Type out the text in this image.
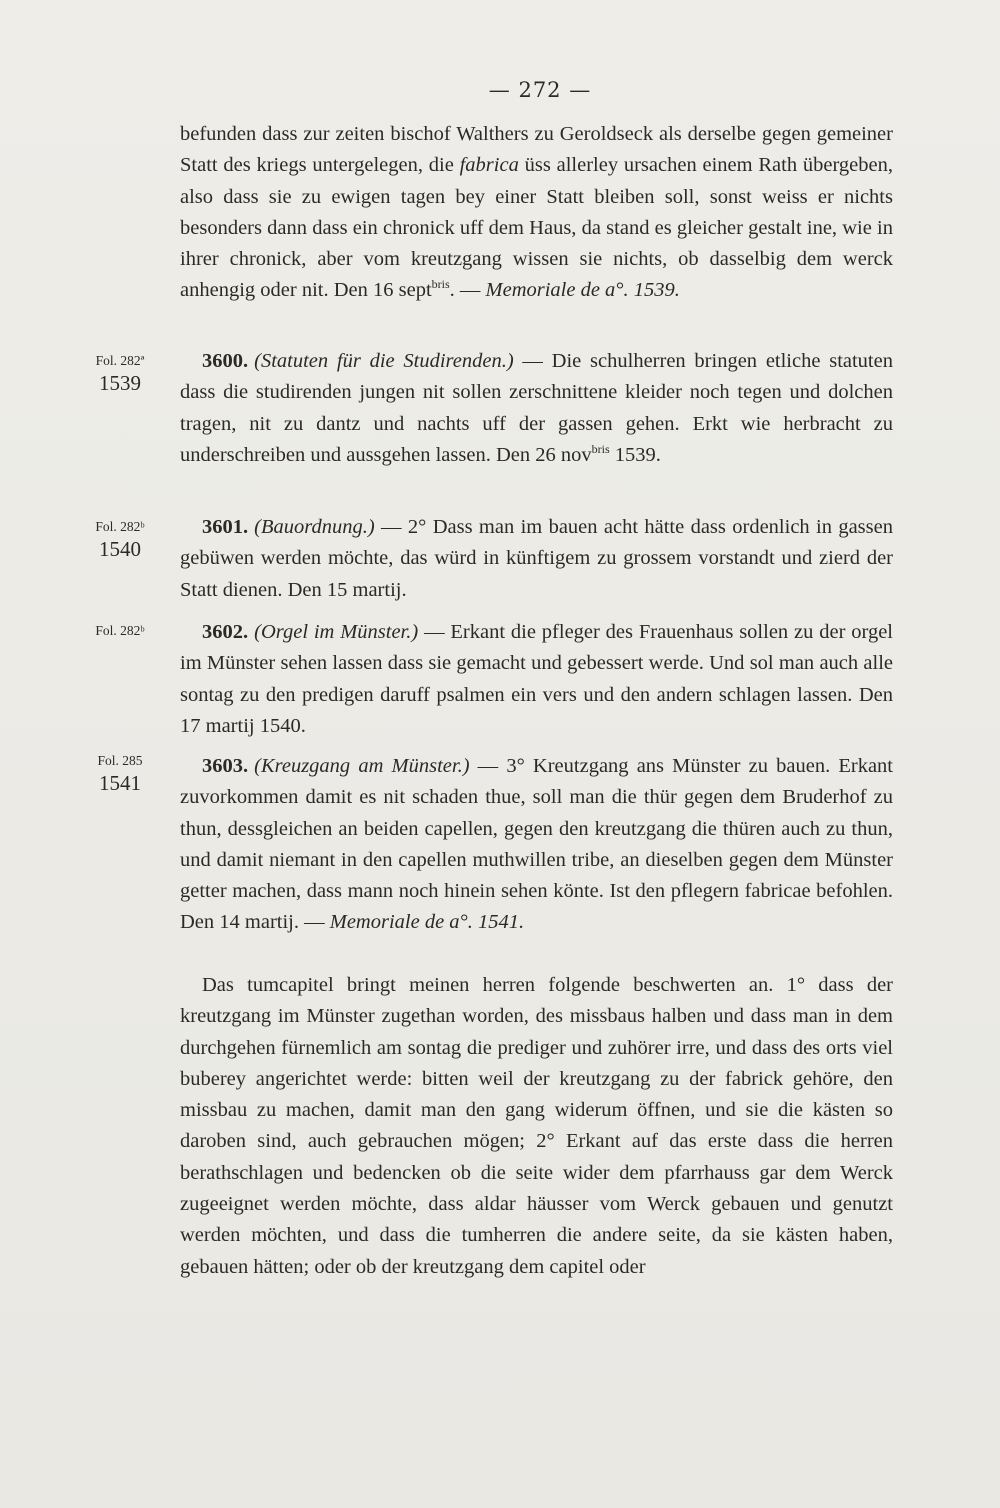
— 272 —

befunden dass zur zeiten bischof Walthers zu Geroldseck als derselbe gegen gemeiner Statt des kriegs untergelegen, die fabrica üss allerley ursachen einem Rath übergeben, also dass sie zu ewigen tagen bey einer Statt bleiben soll, sonst weiss er nichts besonders dann dass ein chronick uff dem Haus, da stand es gleicher gestalt ine, wie in ihrer chronick, aber vom kreutzgang wissen sie nichts, ob dasselbig dem werck anhengig oder nit. Den 16 sept$^{bris}$. — Memoriale de a°. 1539.

Fol. 282ª
1539

3600. (Statuten für die Studirenden.) — Die schulherren bringen etliche statuten dass die studirenden jungen nit sollen zerschnittene kleider noch tegen und dolchen tragen, nit zu dantz und nachts uff der gassen gehen. Erkt wie herbracht zu underschreiben und aussgehen lassen. Den 26 nov$^{bris}$ 1539.

Fol. 282ᵇ
1540

3601. (Bauordnung.) — 2° Dass man im bauen acht hätte dass ordenlich in gassen gebüwen werden möchte, das würd in künftigem zu grossem vorstandt und zierd der Statt dienen. Den 15 martij.

Fol. 282ᵇ	3602. (Orgel im Münster.) — Erkant die pfleger des Frauenhaus sollen zu der orgel im Münster sehen lassen dass sie gemacht und gebessert werde. Und sol man auch alle sontag zu den predigen daruff psalmen ein vers und den andern schlagen lassen. Den 17 martij 1540.

Fol. 285
1541

3603. (Kreuzgang am Münster.) — 3° Kreutzgang ans Münster zu bauen. Erkant zuvorkommen damit es nit schaden thue, soll man die thür gegen dem Bruderhof zu thun, dessgleichen an beiden capellen, gegen den kreutzgang die thüren auch zu thun, und damit niemant in den capellen muthwillen tribe, an dieselben gegen dem Münster getter machen, dass mann noch hinein sehen könte. Ist den pflegern fabricae befohlen. Den 14 martij. — Memoriale de a°. 1541.

Das tumcapitel bringt meinen herren folgende beschwerten an. 1° dass der kreutzgang im Münster zugethan worden, des missbaus halben und dass man in dem durchgehen fürnemlich am sontag die prediger und zuhörer irre, und dass des orts viel buberey angerichtet werde: bitten weil der kreutzgang zu der fabrick gehöre, den missbau zu machen, damit man den gang widerum öffnen, und sie die kästen so daroben sind, auch gebrauchen mögen; 2° Erkant auf das erste dass die herren berathschlagen und bedencken ob die seite wider dem pfarrhauss gar dem Werck zugeeignet werden möchte, dass aldar häusser vom Werck gebauen und genutzt werden möchten, und dass die tumherren die andere seite, da sie kästen haben, gebauen hätten; oder ob der kreutzgang dem capitel oder
